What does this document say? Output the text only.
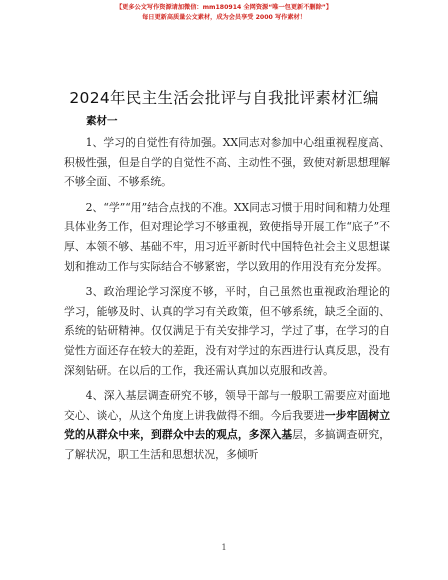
【更多公文写作资源请加微信：mm180914 全网资源“唯一包更新不删除”】
每日更新高质量公文素材，成为会员享受 2000 写作素材！
2024年民主生活会批评与自我批评素材汇编
素材一

1、学习的自觉性有待加强。XX同志对参加中心组重视程度高、积极性强，但是自学的自觉性不高、主动性不强，致使对新思想理解不够全面、不够系统。

2、“学”“用”结合点找的不准。XX同志习惯于用时间和精力处理具体业务工作，但对理论学习不够重视，致使指导开展工作“底子”不厚、本领不够、基础不牢，用习近平新时代中国特色社会主义思想谋划和推动工作与实际结合不够紧密，学以致用的作用没有充分发挥。

3、政治理论学习深度不够，平时，自己虽然也重视政治理论的学习，能够及时、认真的学习有关政策，但不够系统，缺乏全面的、系统的钻研精神。仅仅满足于有关安排学习，学过了事，在学习的自觉性方面还存在较大的差距，没有对学过的东西进行认真反思，没有深刻钻研。在以后的工作，我还需认真加以克服和改善。

4、深入基层调查研究不够，领导干部与一般职工需要应对面地交心、谈心，从这个角度上讲我做得不细。今后我要进一步牢固树立党的从群众中来，到群众中去的观点，多深入基层，多搞调查研究，了解状况，职工生活和思想状况，多倾听

1
